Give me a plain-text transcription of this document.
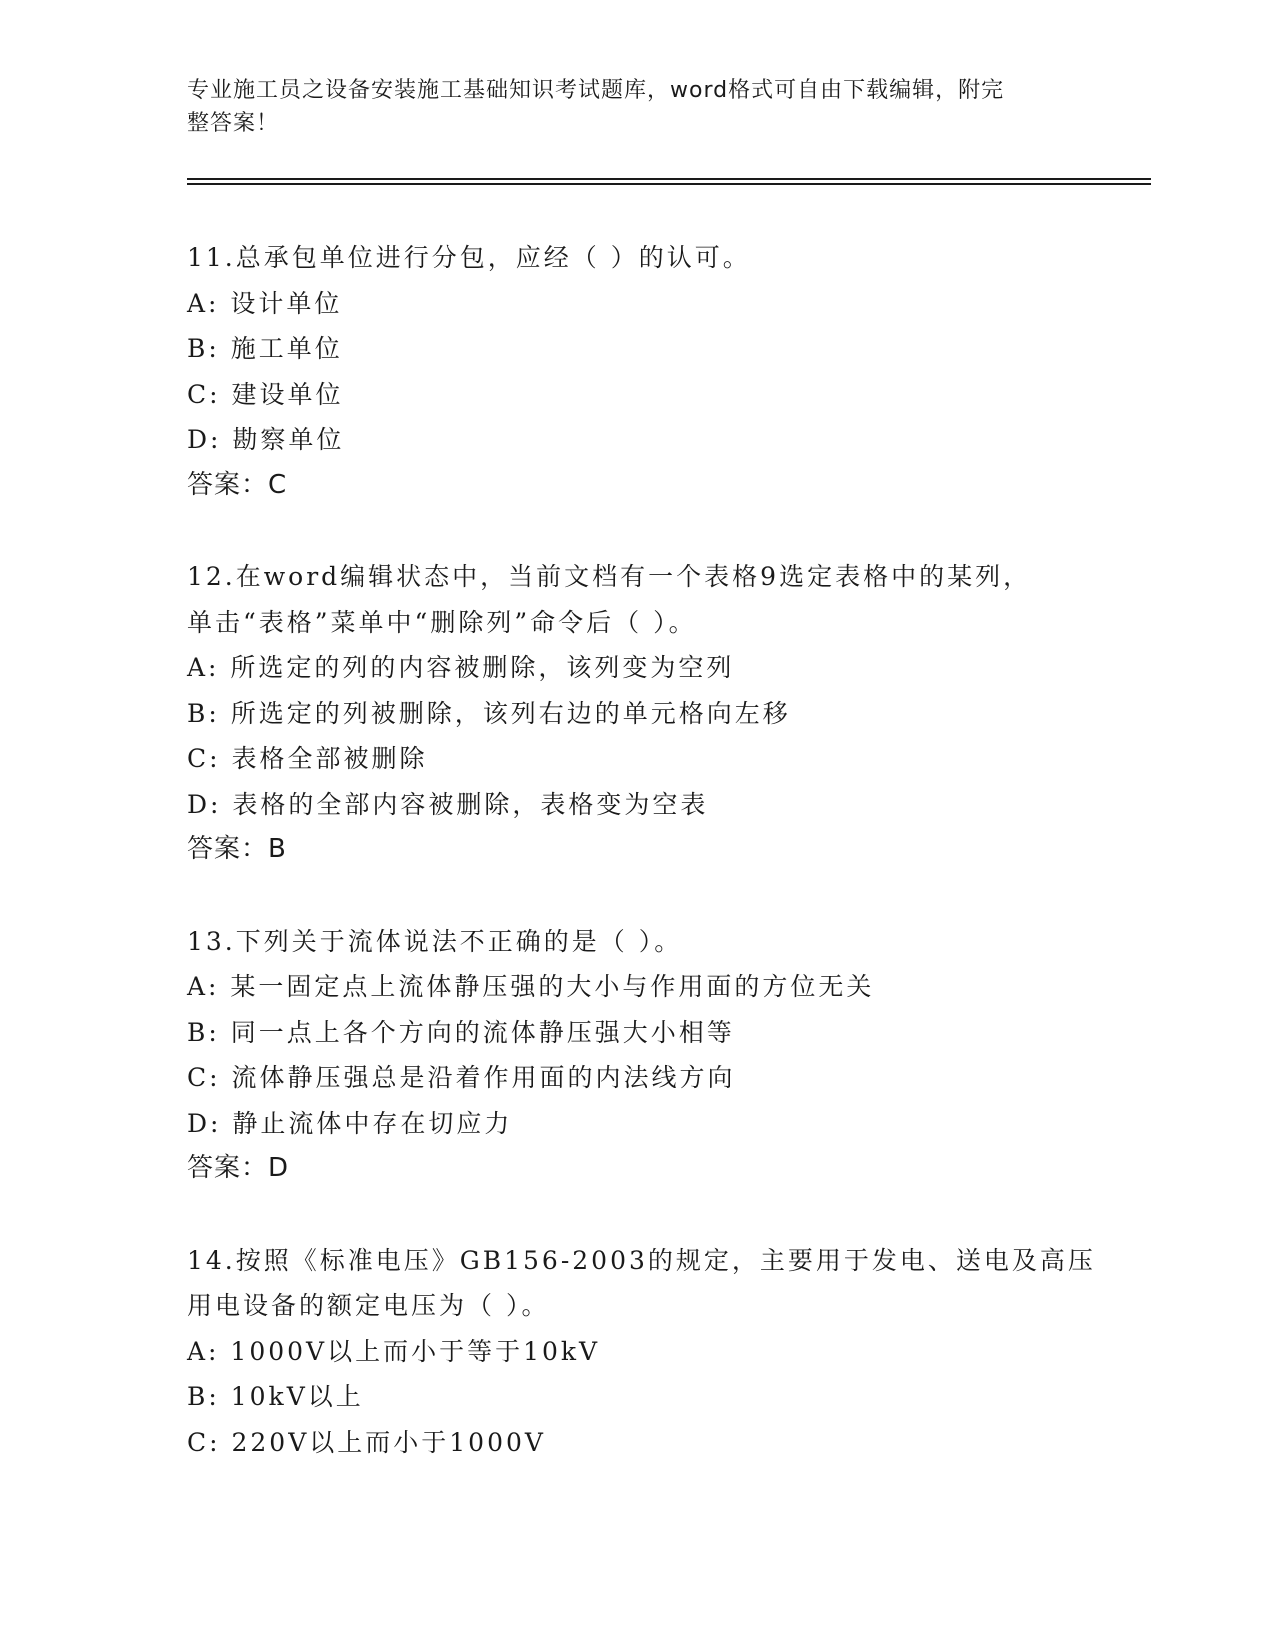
专业施工员之设备安装施工基础知识考试题库，word格式可自由下载编辑，附完
整答案！
11.总承包单位进行分包，应经（ ）的认可。
A: 设计单位
B: 施工单位
C: 建设单位
D: 勘察单位
答案：C
12.在word编辑状态中，当前文档有一个表格9选定表格中的某列，
单击“表格”菜单中“删除列”命令后（ ）。
A: 所选定的列的内容被删除，该列变为空列
B: 所选定的列被删除，该列右边的单元格向左移
C: 表格全部被删除
D: 表格的全部内容被删除，表格变为空表
答案：B
13.下列关于流体说法不正确的是（ ）。
A: 某一固定点上流体静压强的大小与作用面的方位无关
B: 同一点上各个方向的流体静压强大小相等
C: 流体静压强总是沿着作用面的内法线方向
D: 静止流体中存在切应力
答案：D
14.按照《标准电压》GB156-2003的规定，主要用于发电、送电及高压
用电设备的额定电压为（ ）。
A: 1000V以上而小于等于10kV
B: 10kV以上
C: 220V以上而小于1000V
